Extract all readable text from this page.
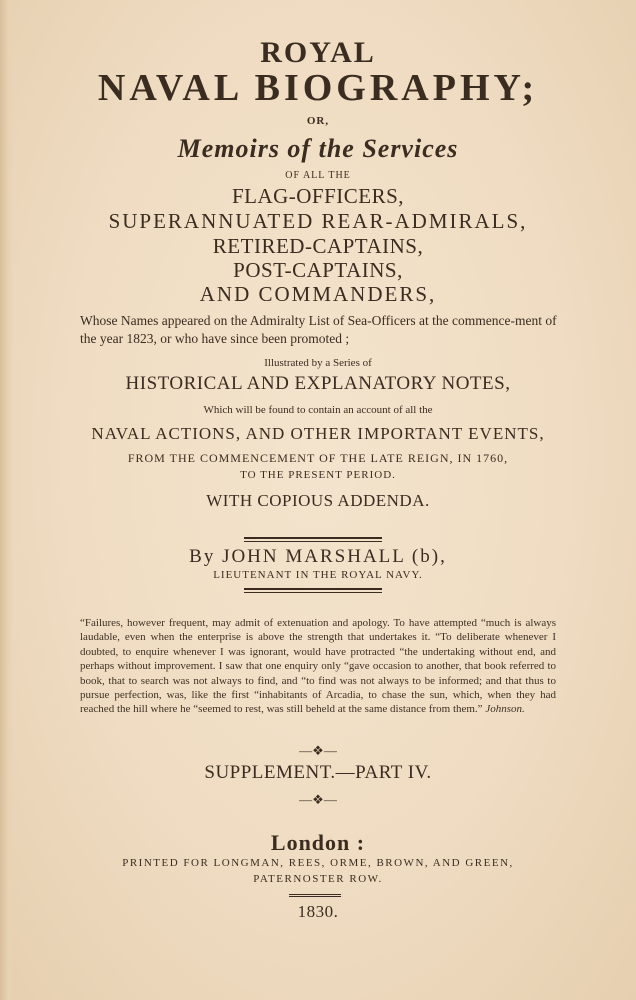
ROYAL
NAVAL BIOGRAPHY;
OR,
Memoirs of the Services
OF ALL THE
FLAG-OFFICERS,
SUPERANNUATED REAR-ADMIRALS,
RETIRED-CAPTAINS,
POST-CAPTAINS,
AND COMMANDERS,
Whose Names appeared on the Admiralty List of Sea-Officers at the commence-ment of the year 1823, or who have since been promoted ;
Illustrated by a Series of
HISTORICAL AND EXPLANATORY NOTES,
Which will be found to contain an account of all the
NAVAL ACTIONS, AND OTHER IMPORTANT EVENTS,
FROM THE COMMENCEMENT OF THE LATE REIGN, IN 1760,
TO THE PRESENT PERIOD.
WITH COPIOUS ADDENDA.
By JOHN MARSHALL (b),
LIEUTENANT IN THE ROYAL NAVY.
“Failures, however frequent, may admit of extenuation and apology. To have attempted “much is always laudable, even when the enterprise is above the strength that undertakes it. “To deliberate whenever I doubted, to enquire whenever I was ignorant, would have protracted “the undertaking without end, and perhaps without improvement. I saw that one enquiry only “gave occasion to another, that book referred to book, that to search was not always to find, and “to find was not always to be informed; and that thus to pursue perfection, was, like the first “inhabitants of Arcadia, to chase the sun, which, when they had reached the hill where he “seemed to rest, was still beheld at the same distance from them.” Johnson.
—❖—
SUPPLEMENT.—PART IV.
—❖—
London :
PRINTED FOR LONGMAN, REES, ORME, BROWN, AND GREEN,
PATERNOSTER ROW.
1830.
